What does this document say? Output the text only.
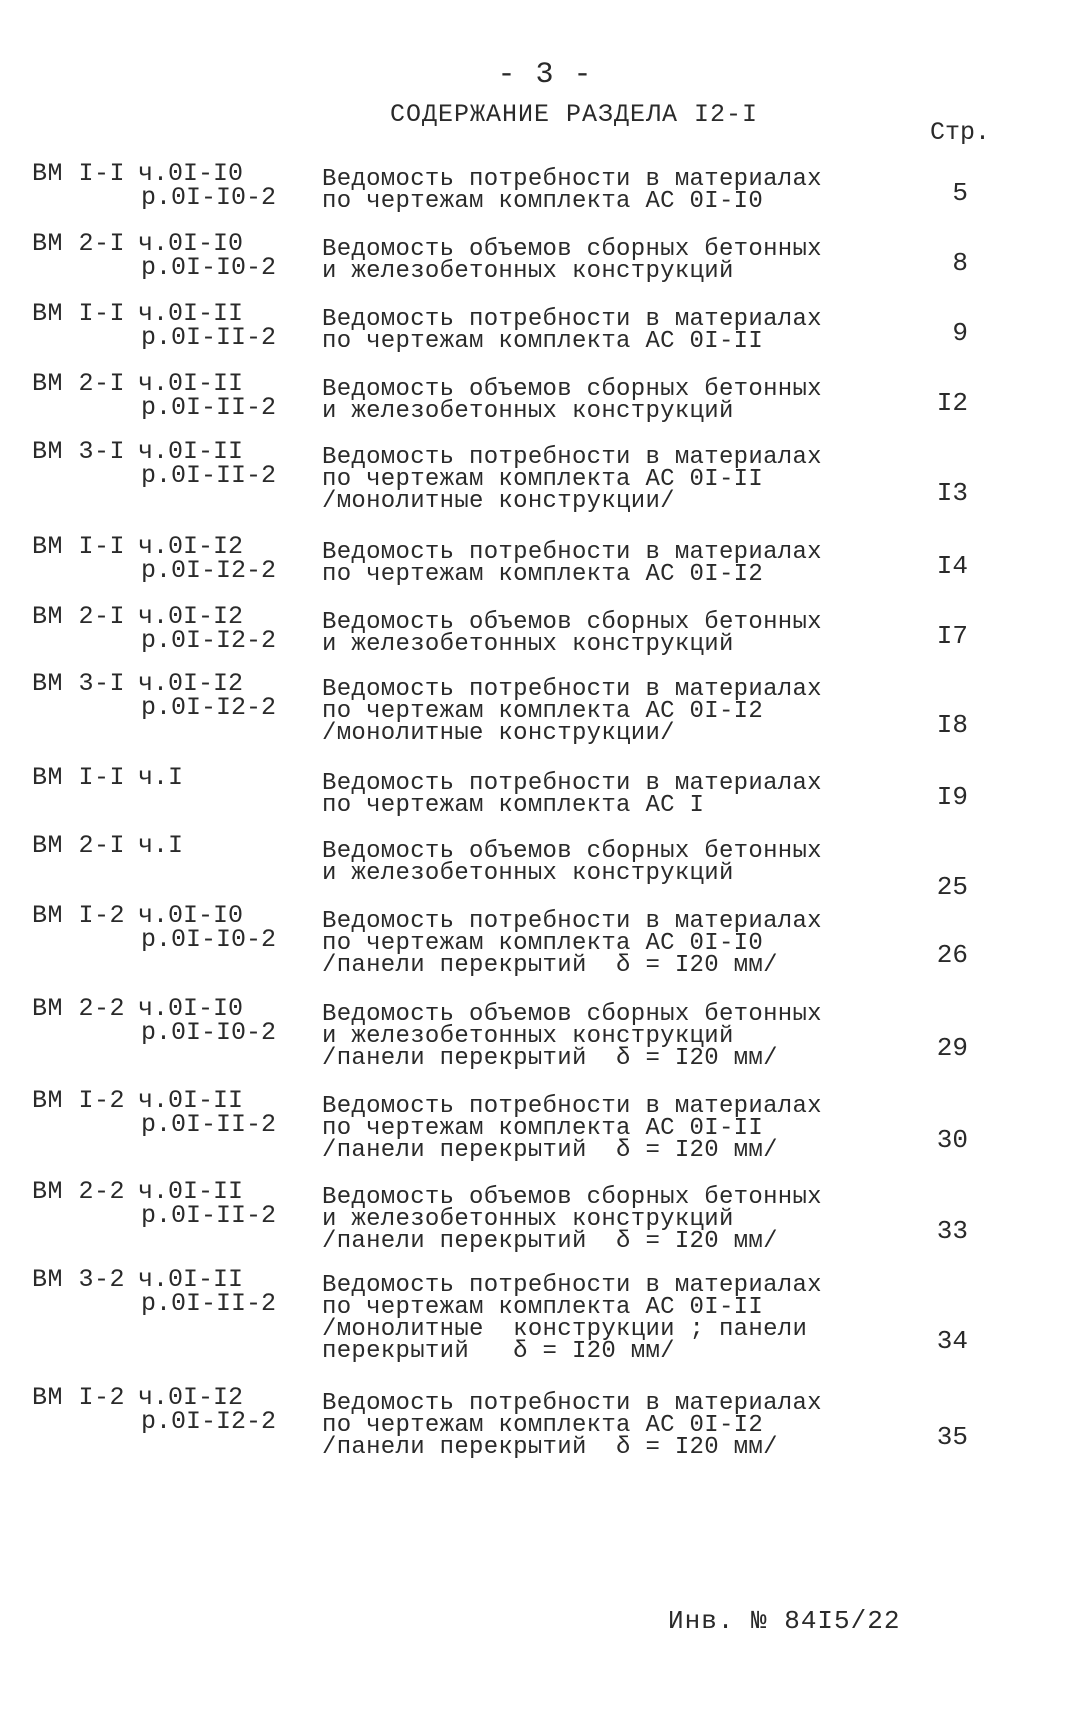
- 3 -
СОДЕРЖАНИЕ РАЗДЕЛА I2-I
Стр.
ВМ I-I ч.0I-I0
р.0I-I0-2
Ведомость потребности в материалах
по чертежам комплекта АС 0I-I0	5
ВМ 2-I ч.0I-I0
р.0I-I0-2
Ведомость объемов сборных бетонных
и железобетонных конструкций	8
ВМ I-I ч.0I-II
р.0I-II-2
Ведомость потребности в материалах
по чертежам комплекта АС 0I-II	9
ВМ 2-I ч.0I-II
р.0I-II-2
Ведомость объемов сборных бетонных
и железобетонных конструкций	I2
ВМ 3-I ч.0I-II
р.0I-II-2
Ведомость потребности в материалах
по чертежам комплекта АС 0I-II
/монолитные конструкции/	I3
ВМ I-I ч.0I-I2
р.0I-I2-2
Ведомость потребности в материалах
по чертежам комплекта АС 0I-I2	I4
ВМ 2-I ч.0I-I2
р.0I-I2-2
Ведомость объемов сборных бетонных
и железобетонных конструкций	I7
ВМ 3-I ч.0I-I2
р.0I-I2-2
Ведомость потребности в материалах
по чертежам комплекта АС 0I-I2
/монолитные конструкции/	I8
ВМ I-I ч.I	Ведомость потребности в материалах
по чертежам комплекта АС I	I9
ВМ 2-I ч.I	Ведомость объемов сборных бетонных
и железобетонных конструкций	25
ВМ I-2 ч.0I-I0
р.0I-I0-2
Ведомость потребности в материалах
по чертежам комплекта АС 0I-I0
/панели перекрытий  δ = I20 мм/	26
ВМ 2-2 ч.0I-I0
р.0I-I0-2
Ведомость объемов сборных бетонных
и железобетонных конструкций
/панели перекрытий  δ = I20 мм/	29
ВМ I-2 ч.0I-II
р.0I-II-2
Ведомость потребности в материалах
по чертежам комплекта АС 0I-II
/панели перекрытий  δ = I20 мм/	30
ВМ 2-2 ч.0I-II
р.0I-II-2
Ведомость объемов сборных бетонных
и железобетонных конструкций
/панели перекрытий  δ = I20 мм/	33
ВМ 3-2 ч.0I-II
р.0I-II-2
Ведомость потребности в материалах
по чертежам комплекта АС 0I-II
/монолитные  конструкции ; панели
перекрытий   δ = I20 мм/	34
ВМ I-2 ч.0I-I2
р.0I-I2-2
Ведомость потребности в материалах
по чертежам комплекта АС 0I-I2
/панели перекрытий  δ = I20 мм/	35
Инв. № 84I5/22
